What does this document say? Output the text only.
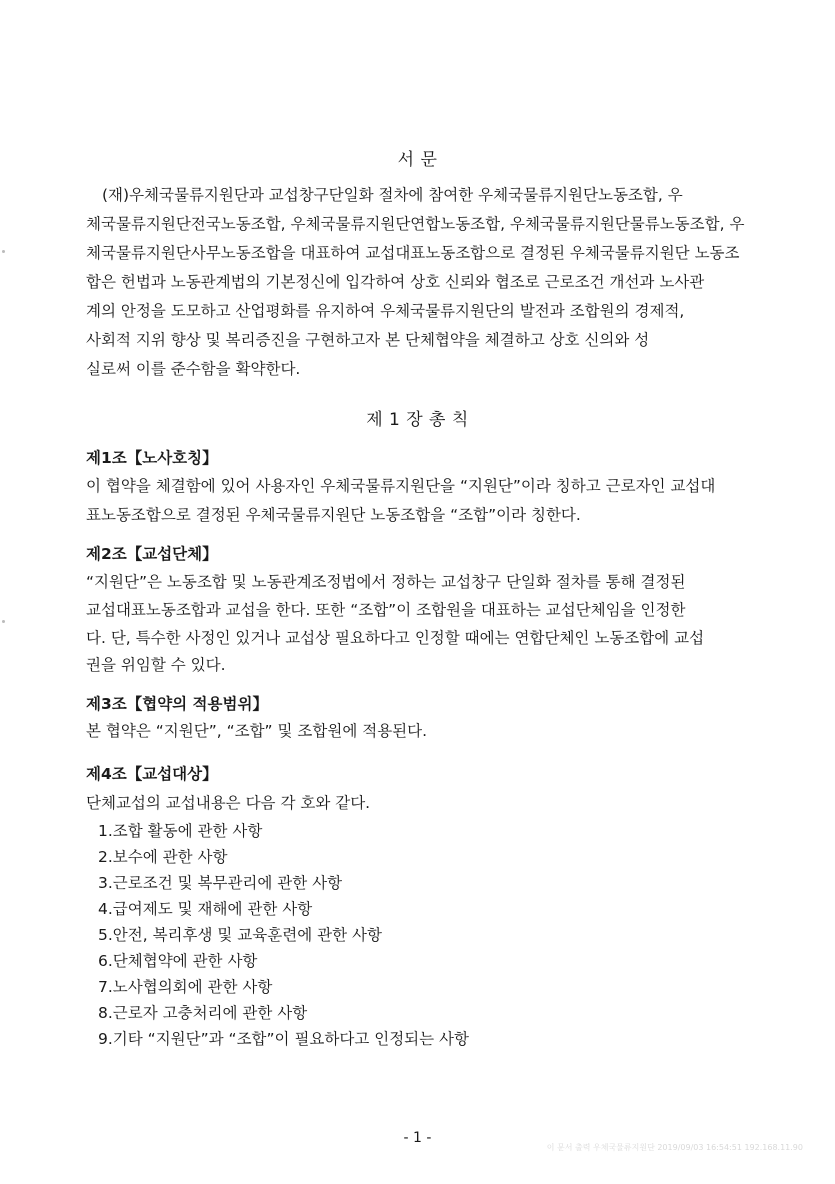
서 문
(재)우체국물류지원단과 교섭창구단일화 절차에 참여한 우체국물류지원단노동조합, 우
체국물류지원단전국노동조합, 우체국물류지원단연합노동조합, 우체국물류지원단물류노동조합, 우
체국물류지원단사무노동조합을 대표하여 교섭대표노동조합으로 결정된 우체국물류지원단 노동조
합은 헌법과 노동관계법의 기본정신에 입각하여 상호 신뢰와 협조로 근로조건 개선과 노사관
계의 안정을 도모하고 산업평화를 유지하여 우체국물류지원단의 발전과 조합원의 경제적,
사회적 지위 향상 및 복리증진을 구현하고자 본 단체협약을 체결하고 상호 신의와 성
실로써 이를 준수함을 확약한다.
제 1 장 총 칙
제1조【노사호칭】
이 협약을 체결함에 있어 사용자인 우체국물류지원단을 “지원단”이라 칭하고 근로자인 교섭대
표노동조합으로 결정된 우체국물류지원단 노동조합을 “조합”이라 칭한다.
제2조【교섭단체】
“지원단”은 노동조합 및 노동관계조정법에서 정하는 교섭창구 단일화 절차를 통해 결정된
교섭대표노동조합과 교섭을 한다. 또한 “조합”이 조합원을 대표하는 교섭단체임을 인정한
다. 단, 특수한 사정인 있거나 교섭상 필요하다고 인정할 때에는 연합단체인 노동조합에 교섭
권을 위임할 수 있다.
제3조【협약의 적용범위】
본 협약은 “지원단”, “조합” 및 조합원에 적용된다.
제4조【교섭대상】
단체교섭의 교섭내용은 다음 각 호와 같다.
1.조합 활동에 관한 사항
2.보수에 관한 사항
3.근로조건 및 복무관리에 관한 사항
4.급여제도 및 재해에 관한 사항
5.안전, 복리후생 및 교육훈련에 관한 사항
6.단체협약에 관한 사항
7.노사협의회에 관한 사항
8.근로자 고충처리에 관한 사항
9.기타 “지원단”과 “조합”이 필요하다고 인정되는 사항
- 1 -
이 문서 출력 우체국물류지원단 2019/09/03 16:54:51 192.168.11.90
